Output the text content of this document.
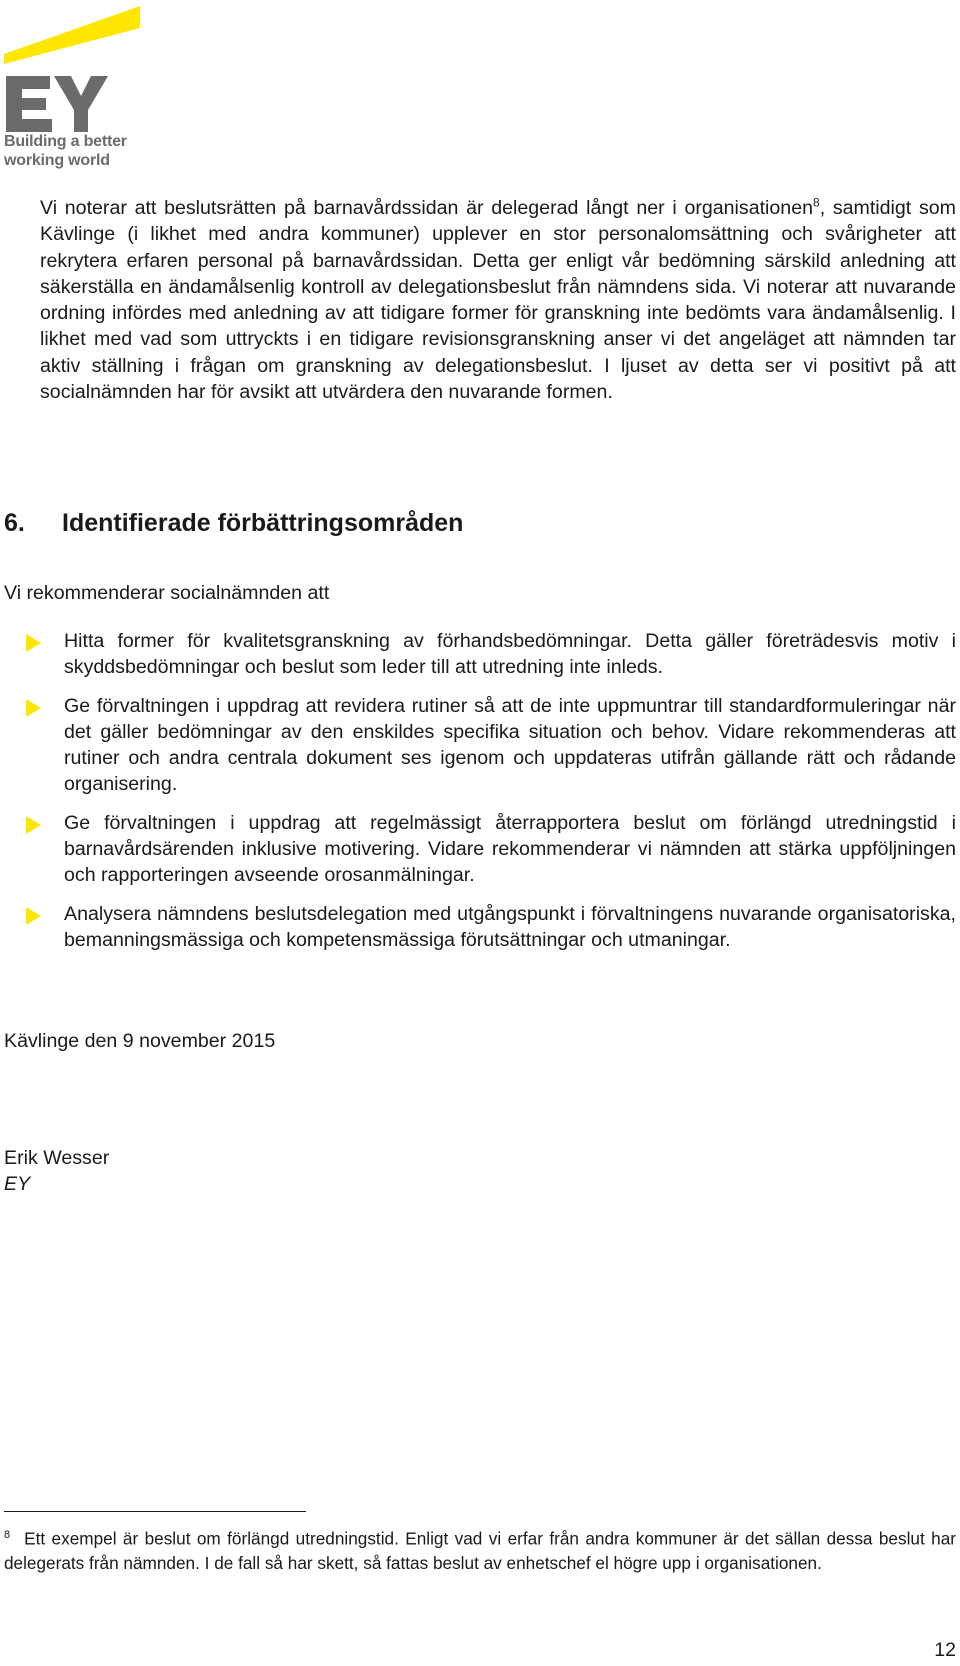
Building a better
working world

Vi noterar att beslutsrätten på barnavårdssidan är delegerad långt ner i organisationen$^8$, samtidigt som Kävlinge (i likhet med andra kommuner) upplever en stor personalomsättning och svårigheter att rekrytera erfaren personal på barnavårdssidan. Detta ger enligt vår bedömning särskild anledning att säkerställa en ändamålsenlig kontroll av delegationsbeslut från nämndens sida. Vi noterar att nuvarande ordning infördes med anledning av att tidigare former för granskning inte bedömts vara ändamålsenlig. I likhet med vad som uttryckts i en tidigare revisionsgranskning anser vi det angeläget att nämnden tar aktiv ställning i frågan om granskning av delegationsbeslut. I ljuset av detta ser vi positivt på att socialnämnden har för avsikt att utvärdera den nuvarande formen.

6. Identifierade förbättringsområden

Vi rekommenderar socialnämnden att

Hitta former för kvalitetsgranskning av förhandsbedömningar. Detta gäller företrädesvis motiv i skyddsbedömningar och beslut som leder till att utredning inte inleds.
Ge förvaltningen i uppdrag att revidera rutiner så att de inte uppmuntrar till standardformuleringar när det gäller bedömningar av den enskildes specifika situation och behov. Vidare rekommenderas att rutiner och andra centrala dokument ses igenom och uppdateras utifrån gällande rätt och rådande organisering.
Ge förvaltningen i uppdrag att regelmässigt återrapportera beslut om förlängd utredningstid i barnavårdsärenden inklusive motivering. Vidare rekommenderar vi nämnden att stärka uppföljningen och rapporteringen avseende orosanmälningar.
Analysera nämndens beslutsdelegation med utgångspunkt i förvaltningens nuvarande organisatoriska, bemanningsmässiga och kompetensmässiga förutsättningar och utmaningar.

Kävlinge den 9 november 2015

Erik Wesser

EY

$^8$ Ett exempel är beslut om förlängd utredningstid. Enligt vad vi erfar från andra kommuner är det sällan dessa beslut har delegerats från nämnden. I de fall så har skett, så fattas beslut av enhetschef el högre upp i organisationen.

12
